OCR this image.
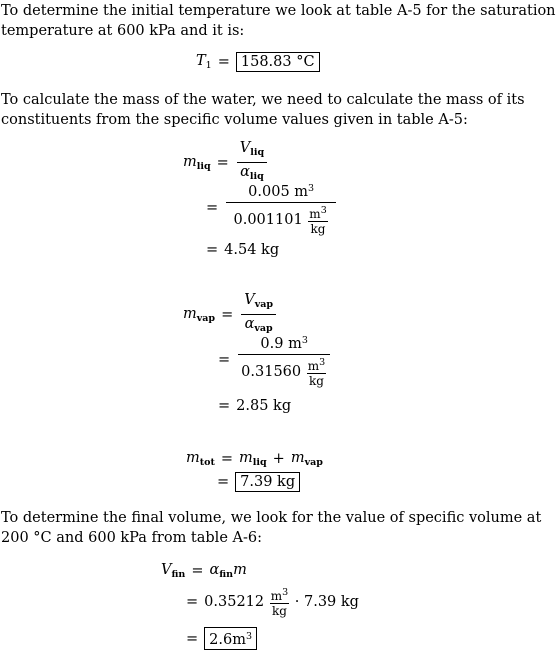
To determine the initial temperature we look at table A-5 for the saturation
temperature at 600 kPa and it is:
$T_1 = 158.83$ °C
To calculate the mass of the water, we need to calculate the mass of its
constituents from the specific volume values given in table A-5:
$m_{liq} = \frac{V_{liq}}{\alpha_{liq}}$
= 0.005 $m^3$
0.001101
$m^3$
kg
= 4.54 kg
$m_{vap} = \frac{V_{vap}}{\alpha_{vap}}$
= 0.9 $m^3$
0.31560
$m^3$
kg
= 2.85 kg
$m_{tot} = m_{liq} + m_{vap}$
= 7.39 kg
To determine the final volume, we look for the value of specific volume at
200 °C and 600 kPa from table A-6:
$V_{fin} = \alpha_{fin}m$
= 0.35212
$m^3$
kg

· 7.39 kg
= $2.6m^3$
